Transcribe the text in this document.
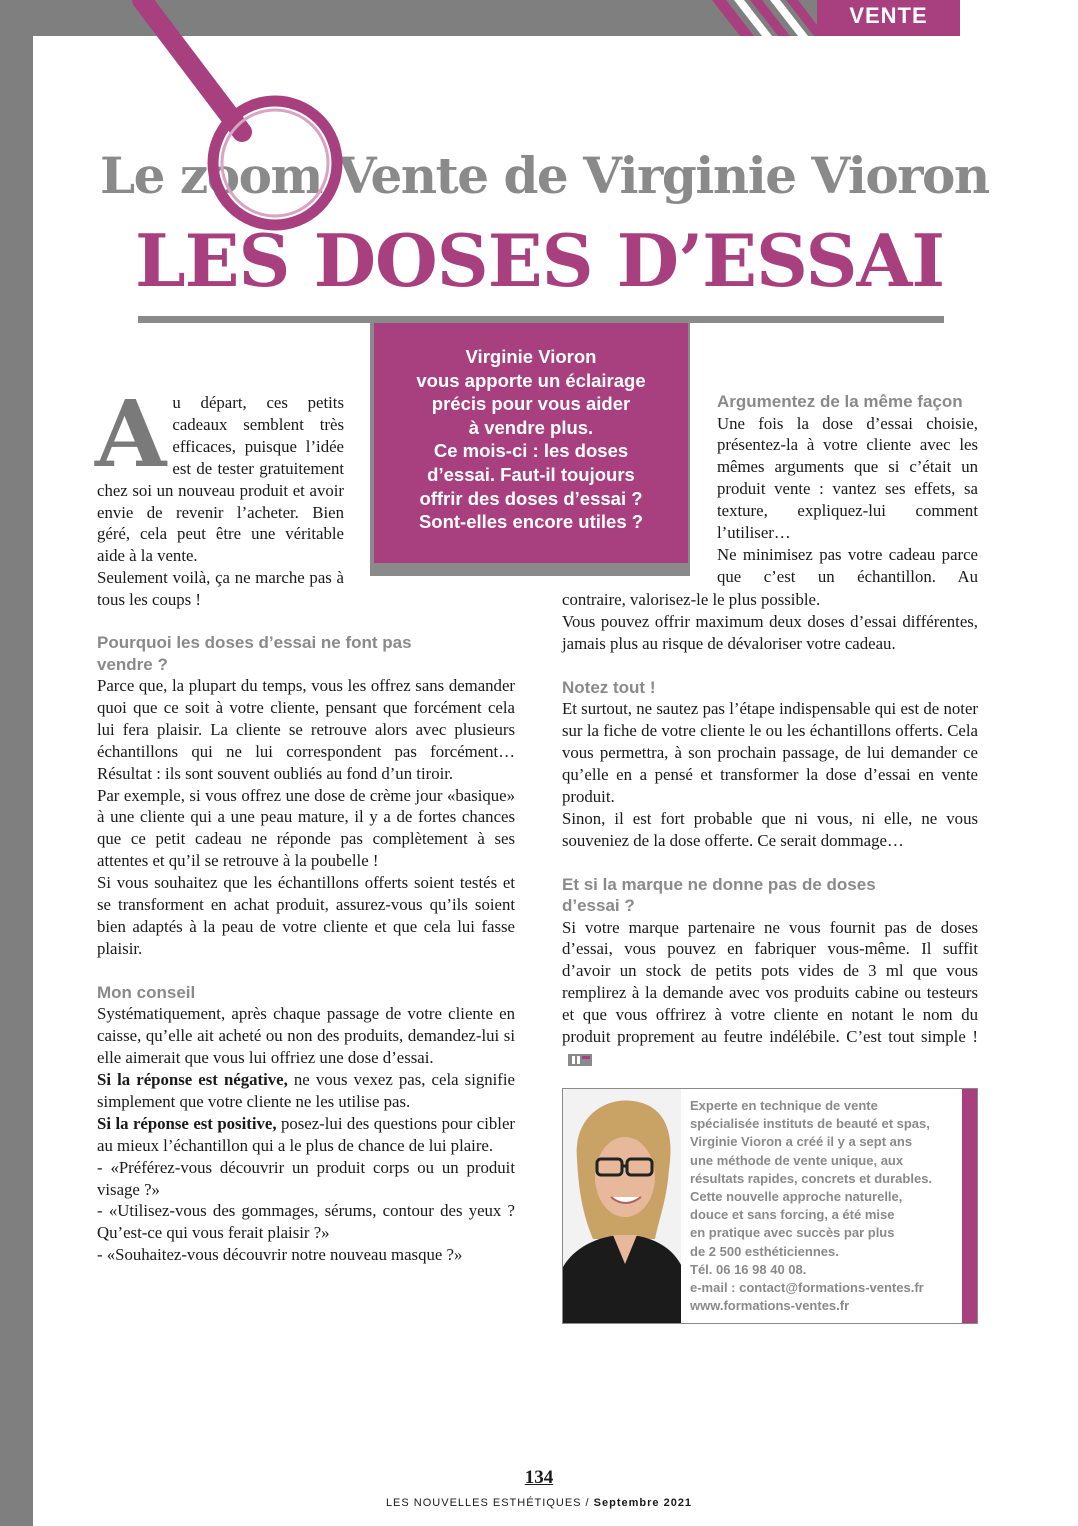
VENTE
Le zoom Vente de Virginie Vioron
LES DOSES D’ESSAI
Virginie Vioron
vous apporte un éclairage
précis pour vous aider
à vendre plus.
Ce mois-ci : les doses
d’essai. Faut-il toujours
offrir des doses d’essai ?
Sont-elles encore utiles ?
A u départ, ces petits cadeaux semblent très efficaces, puisque l’idée est de tester gratuitement chez soi un nouveau produit et avoir envie de revenir l’acheter. Bien géré, cela peut être une véritable aide à la vente.

Seulement voilà, ça ne marche pas à tous les coups !

Pourquoi les doses d’essai ne font pas vendre ?

Parce que, la plupart du temps, vous les offrez sans demander quoi que ce soit à votre cliente, pensant que forcément cela lui fera plaisir. La cliente se retrouve alors avec plusieurs échantillons qui ne lui correspondent pas forcément… Résultat : ils sont souvent oubliés au fond d’un tiroir.

Par exemple, si vous offrez une dose de crème jour «basique» à une cliente qui a une peau mature, il y a de fortes chances que ce petit cadeau ne réponde pas complètement à ses attentes et qu’il se retrouve à la poubelle !

Si vous souhaitez que les échantillons offerts soient testés et se transforment en achat produit, assurez-vous qu’ils soient bien adaptés à la peau de votre cliente et que cela lui fasse plaisir.

Mon conseil

Systématiquement, après chaque passage de votre cliente en caisse, qu’elle ait acheté ou non des produits, demandez-lui si elle aimerait que vous lui offriez une dose d’essai.

Si la réponse est négative, ne vous vexez pas, cela signifie simplement que votre cliente ne les utilise pas.

Si la réponse est positive, posez-lui des questions pour cibler au mieux l’échantillon qui a le plus de chance de lui plaire.

- «Préférez-vous découvrir un produit corps ou un produit visage ?»

- «Utilisez-vous des gommages, sérums, contour des yeux ? Qu’est-ce qui vous ferait plaisir ?»

- «Souhaitez-vous découvrir notre nouveau masque ?»

Argumentez de la même façon

Une fois la dose d’essai choisie, présentez-la à votre cliente avec les mêmes arguments que si c’était un produit vente : vantez ses effets, sa texture, expliquez-lui comment l’utiliser…

Ne minimisez pas votre cadeau parce que c’est un échantillon. Au

contraire, valorisez-le le plus possible.

Vous pouvez offrir maximum deux doses d’essai différentes, jamais plus au risque de dévaloriser votre cadeau.

Notez tout !

Et surtout, ne sautez pas l’étape indispensable qui est de noter sur la fiche de votre cliente le ou les échantillons offerts. Cela vous permettra, à son prochain passage, de lui demander ce qu’elle en a pensé et transformer la dose d’essai en vente produit.

Sinon, il est fort probable que ni vous, ni elle, ne vous souveniez de la dose offerte. Ce serait dommage…

Et si la marque ne donne pas de doses d’essai ?

Si votre marque partenaire ne vous fournit pas de doses d’essai, vous pouvez en fabriquer vous-même. Il suffit d’avoir un stock de petits pots vides de 3 ml que vous remplirez à la demande avec vos produits cabine ou testeurs et que vous offrirez à votre cliente en notant le nom du produit proprement au feutre indélébile. C’est tout simple !

Experte en technique de vente
spécialisée instituts de beauté et spas,
Virginie Vioron a créé il y a sept ans
une méthode de vente unique, aux
résultats rapides, concrets et durables.
Cette nouvelle approche naturelle,
douce et sans forcing, a été mise
en pratique avec succès par plus
de 2 500 esthéticiennes.
Tél. 06 16 98 40 08.
e-mail : contact@formations-ventes.fr
www.formations-ventes.fr
134
LES NOUVELLES ESTHÉTIQUES / Septembre 2021
